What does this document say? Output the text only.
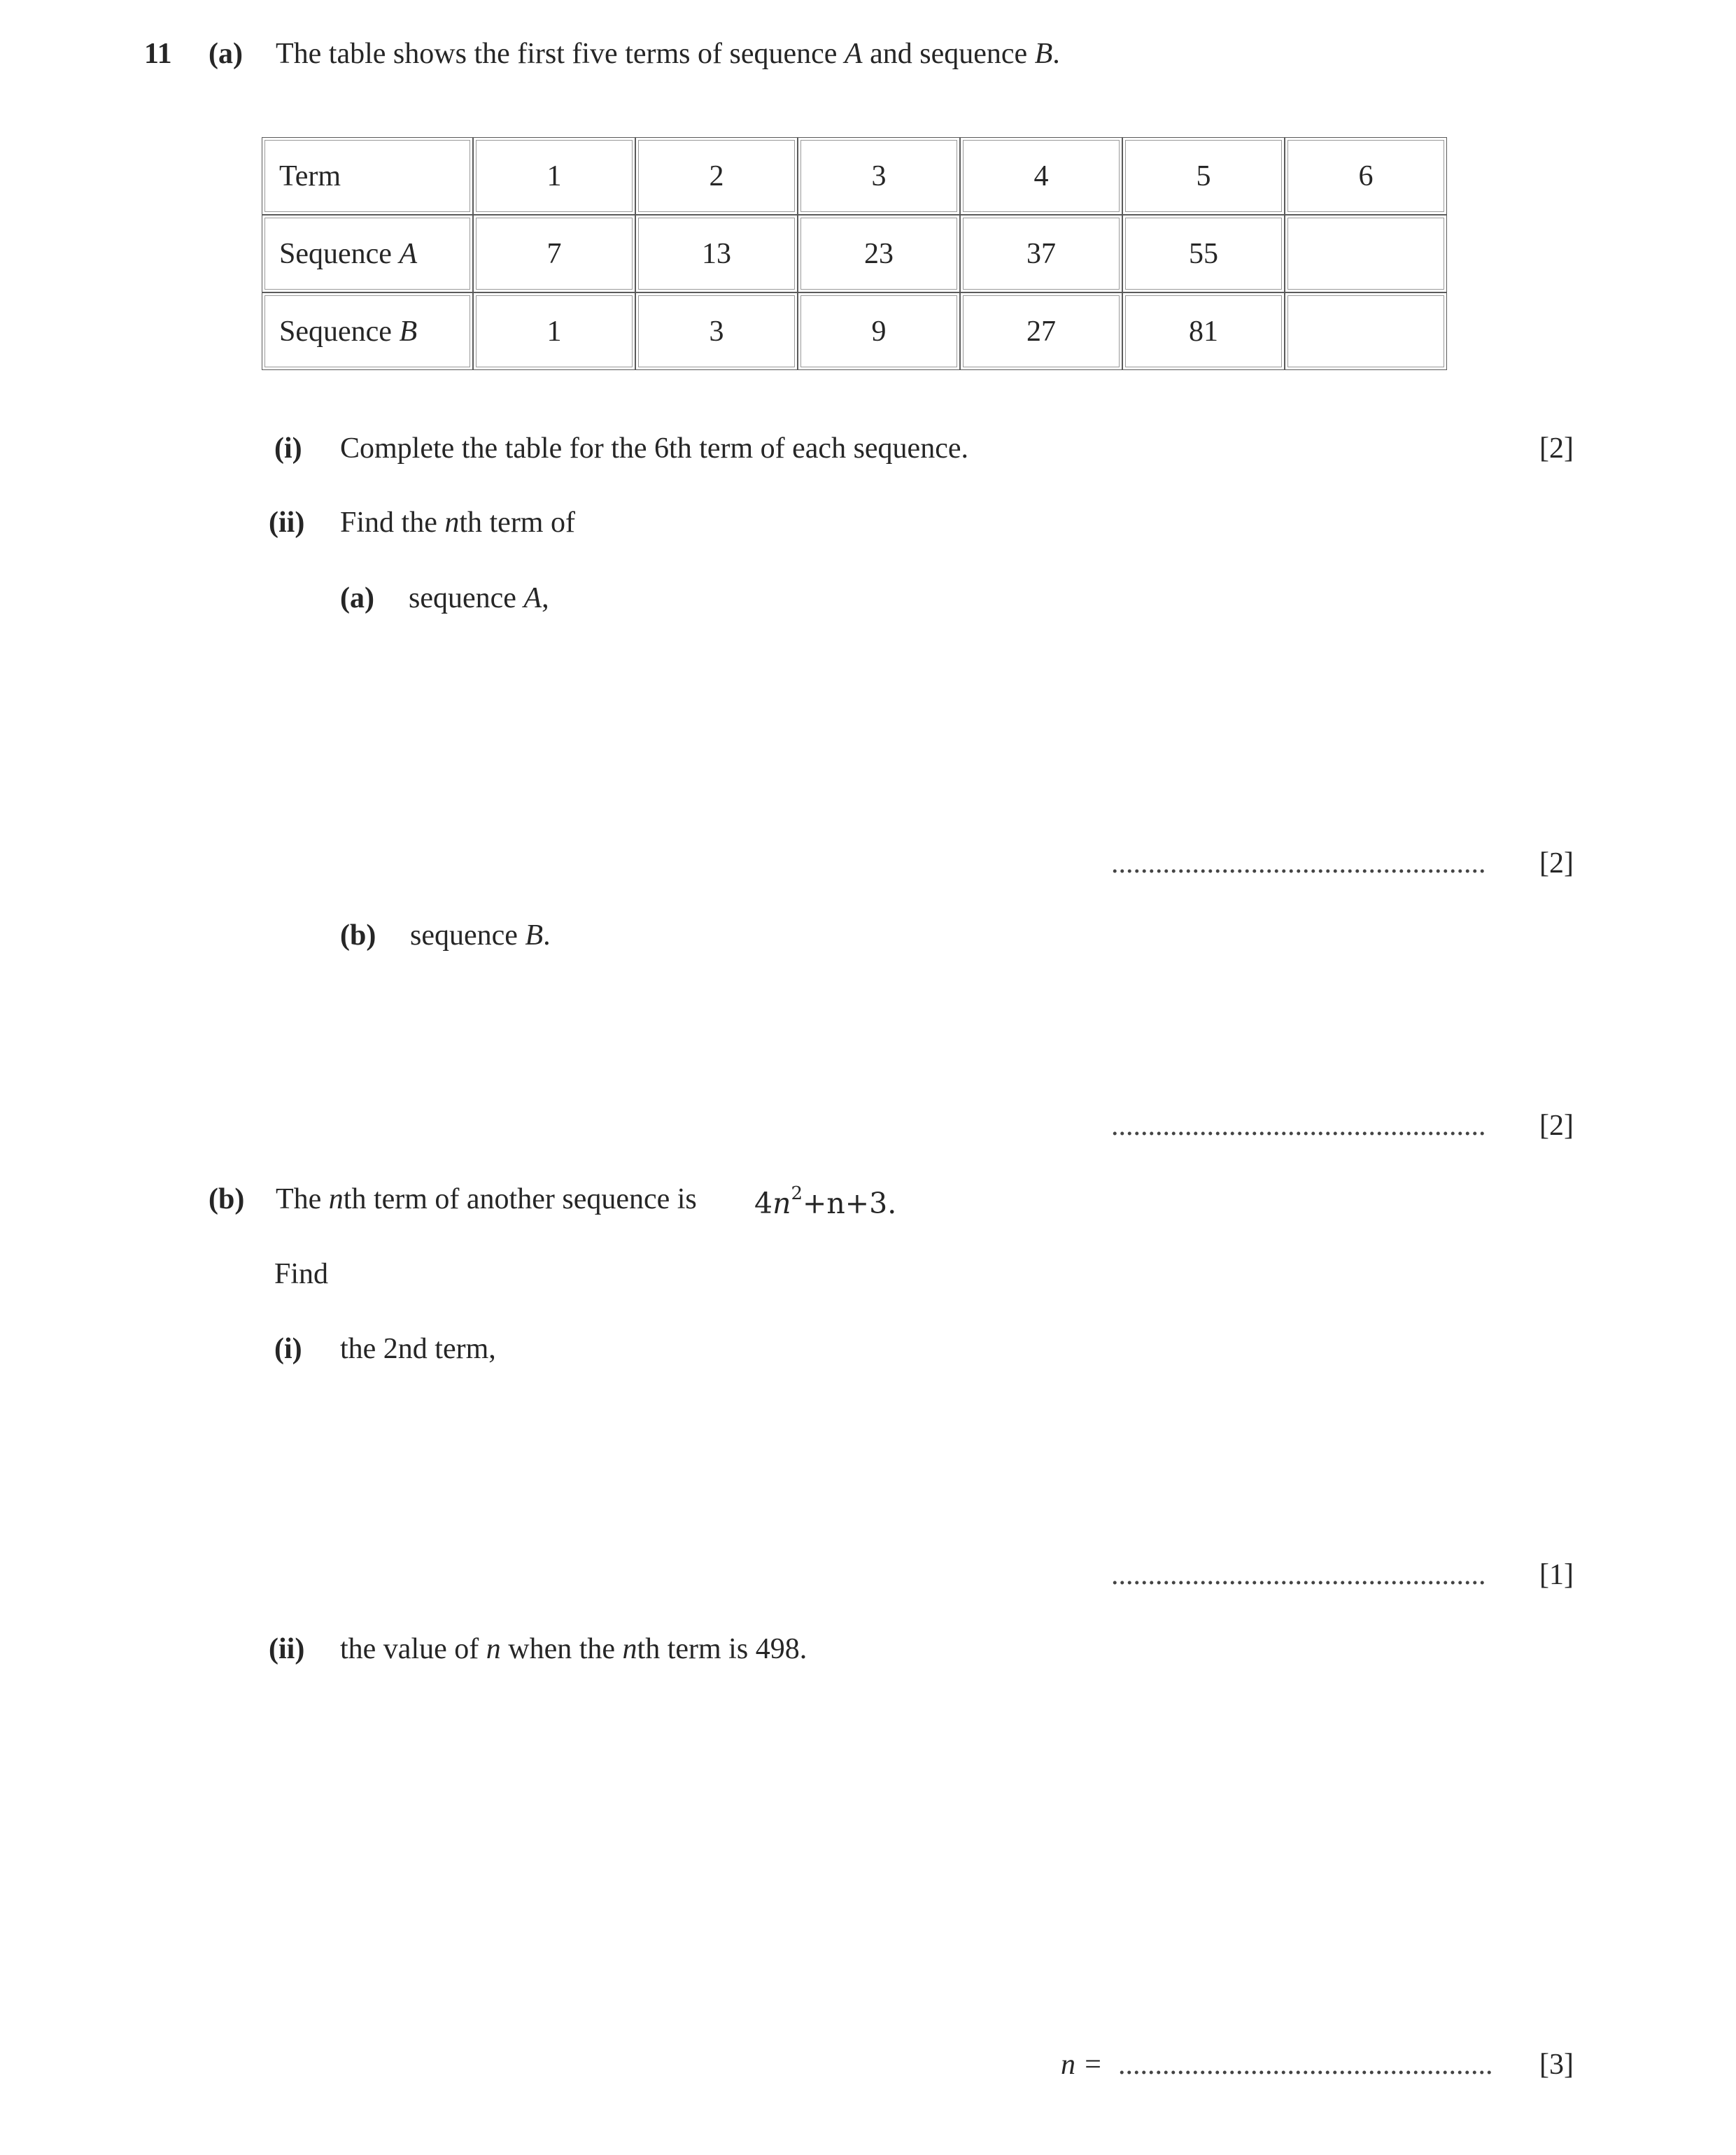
11 (a) The table shows the first five terms of sequence A and sequence B.
Term	1	2	3	4	5	6
Sequence A	7	13	23	37	55	
Sequence B	1	3	9	27	81	
(i) Complete the table for the 6th term of each sequence.	[2]
(ii) Find the nth term of
(a) sequence A,
................................................... [2]
(b) sequence B.
................................................... [2]
(b) The nth term of another sequence is $4n^2+n+3$.
Find
(i) the 2nd term,
................................................... [1]
(ii) the value of n when the nth term is 498.
n = ................................................... [3]
